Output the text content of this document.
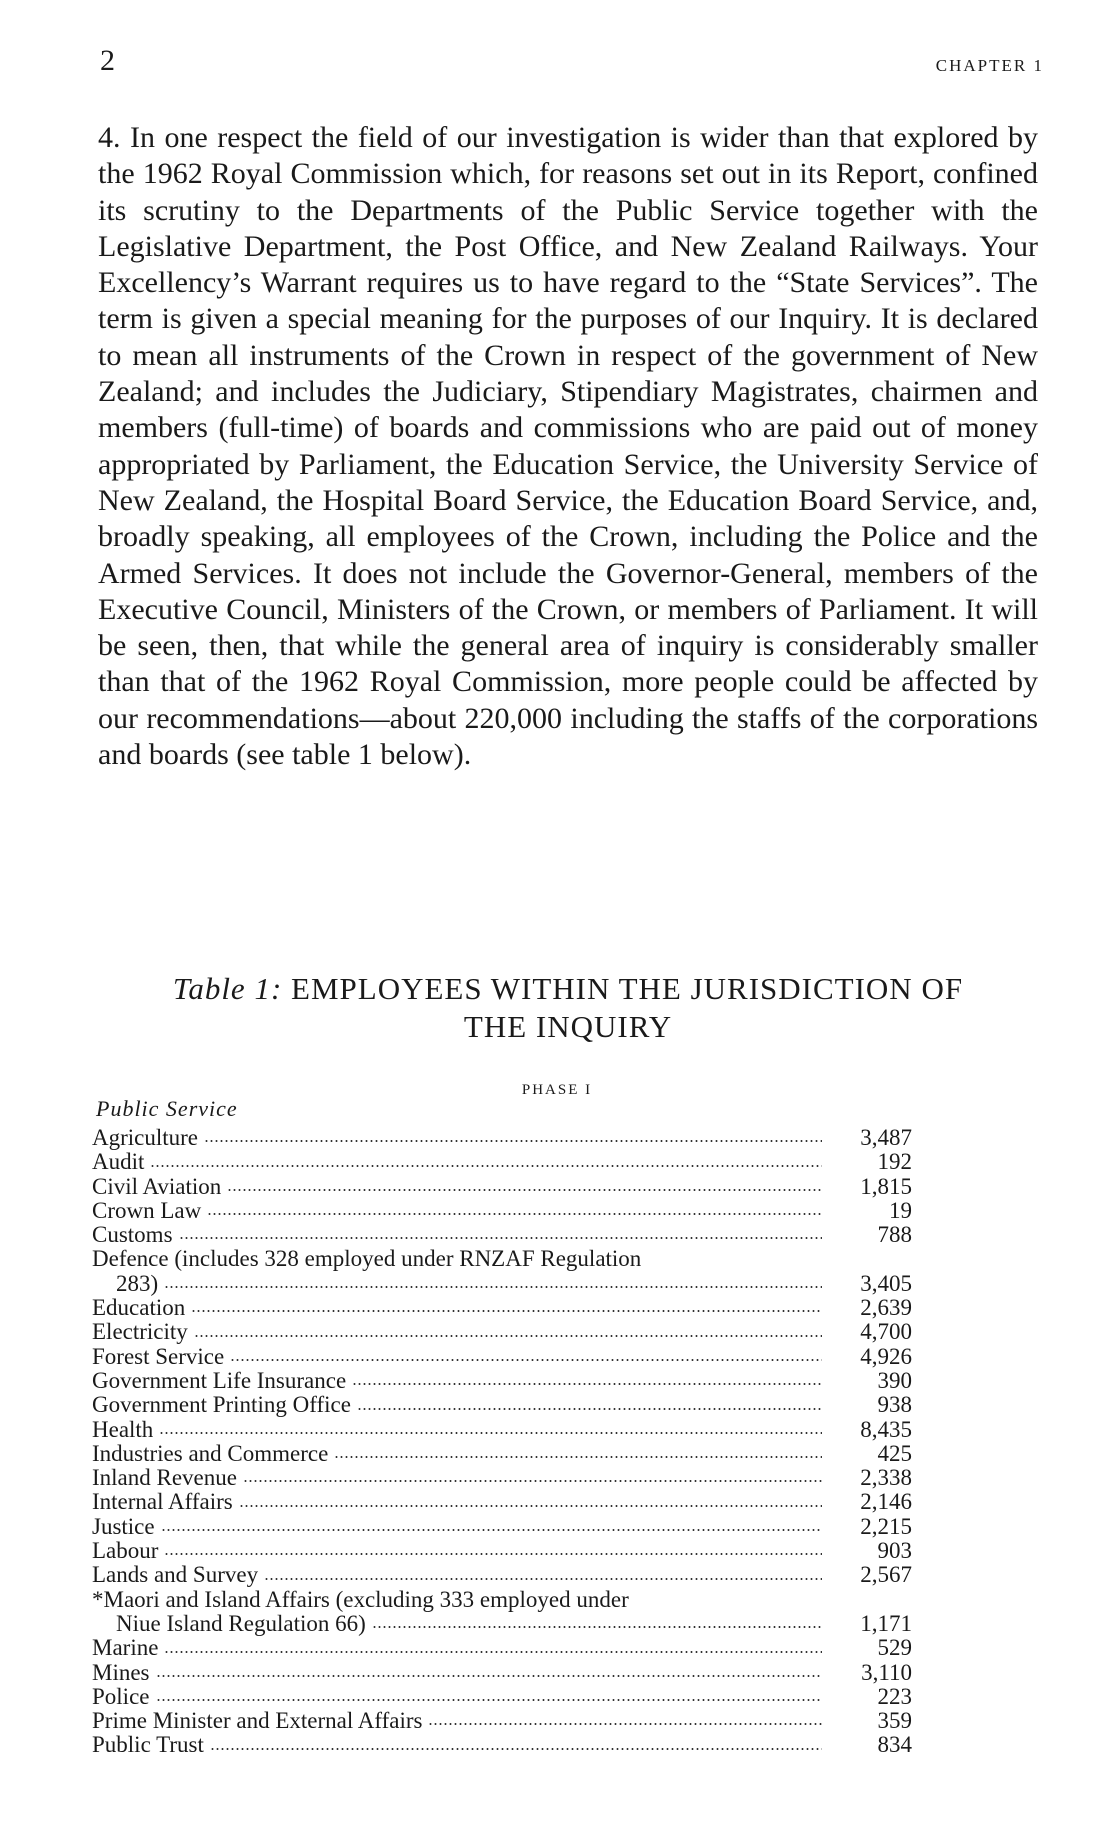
2	CHAPTER 1
4. In one respect the field of our investigation is wider than that explored by the 1962 Royal Commission which, for reasons set out in its Report, confined its scrutiny to the Departments of the Public Service together with the Legislative Department, the Post Office, and New Zealand Railways. Your Excellency’s Warrant requires us to have regard to the “State Services”. The term is given a special meaning for the purposes of our Inquiry. It is declared to mean all instruments of the Crown in respect of the government of New Zealand; and includes the Judiciary, Stipendiary Magistrates, chairmen and members (full-time) of boards and commissions who are paid out of money appropriated by Parliament, the Education Service, the University Service of New Zealand, the Hospital Board Service, the Education Board Service, and, broadly speaking, all employees of the Crown, including the Police and the Armed Services. It does not include the Governor-General, members of the Executive Council, Ministers of the Crown, or members of Parliament. It will be seen, then, that while the general area of inquiry is considerably smaller than that of the 1962 Royal Commission, more people could be affected by our recommendations—about 220,000 including the staffs of the corporations and boards (see table 1 below).
Table 1: EMPLOYEES WITHIN THE JURISDICTION OF
THE INQUIRY
PHASE I
Public Service
Agriculture	3,487
Audit	192
Civil Aviation	1,815
Crown Law	19
Customs	788
Defence (includes 328 employed under RNZAF Regulation
283)	3,405
Education	2,639
Electricity	4,700
Forest Service	4,926
Government Life Insurance	390
Government Printing Office	938
Health	8,435
Industries and Commerce	425
Inland Revenue	2,338
Internal Affairs	2,146
Justice	2,215
Labour	903
Lands and Survey	2,567
*Maori and Island Affairs (excluding 333 employed under
Niue Island Regulation 66)	1,171
Marine	529
Mines	3,110
Police	223
Prime Minister and External Affairs	359
Public Trust	834
